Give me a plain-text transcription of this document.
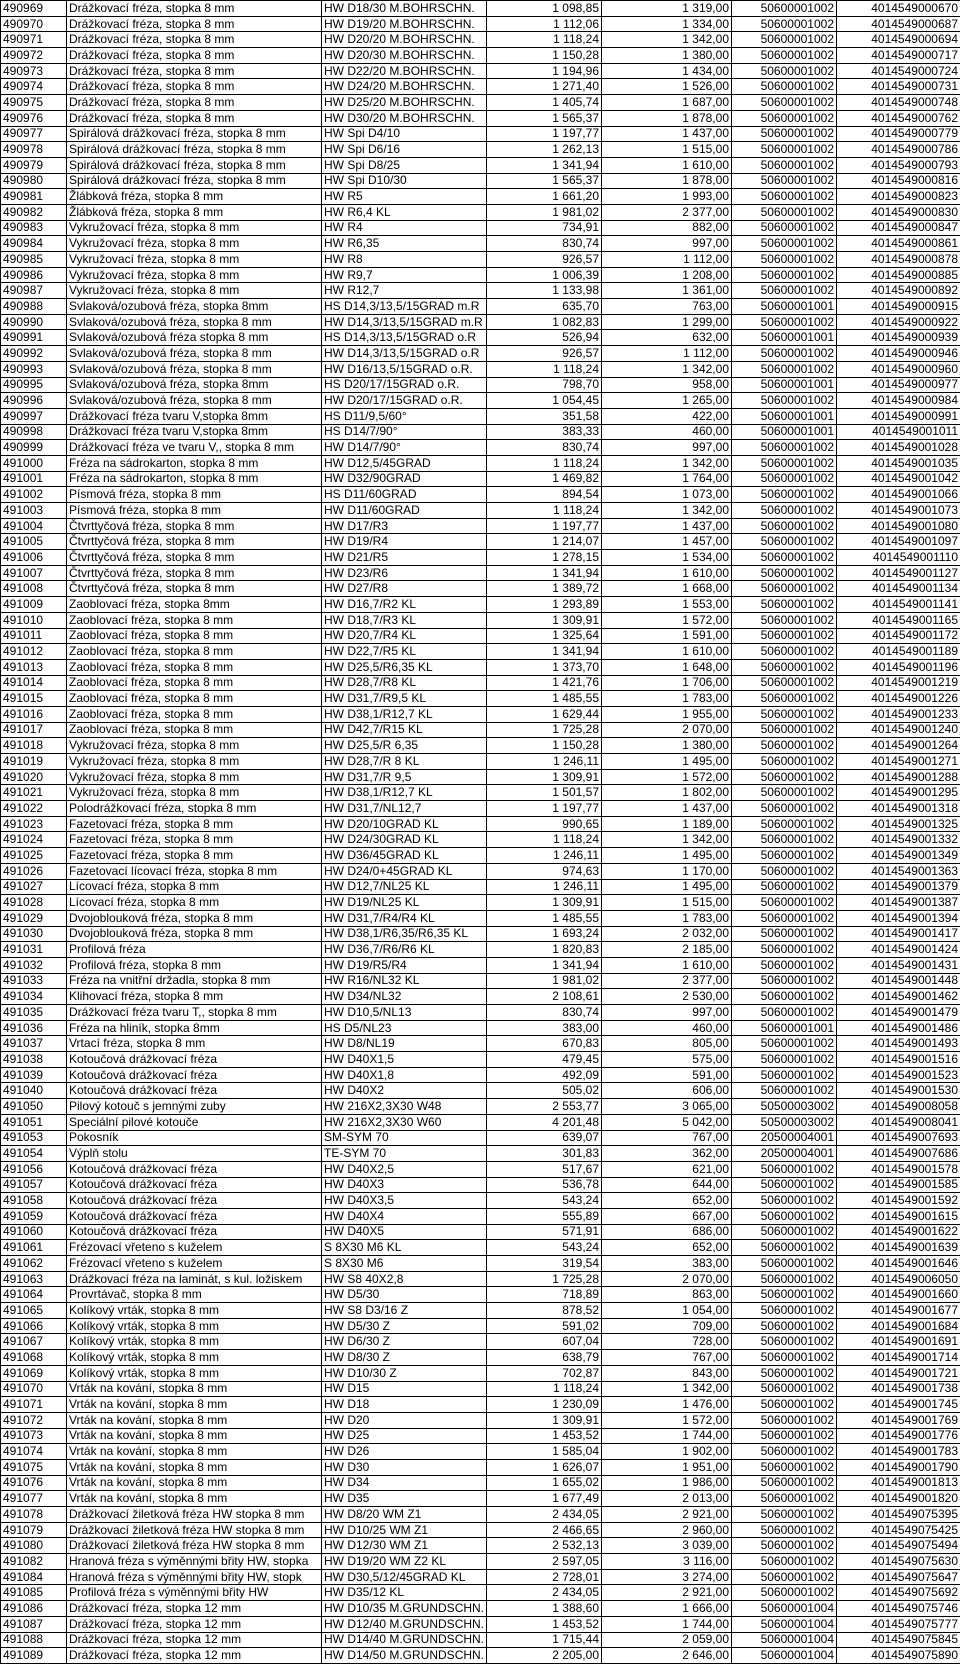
490969	Drážkovací fréza, stopka 8 mm	HW D18/30 M.BOHRSCHN.	1 098,85	1 319,00	50600001002	4014549000670
490970	Drážkovací fréza, stopka 8 mm	HW D19/20 M.BOHRSCHN.	1 112,06	1 334,00	50600001002	4014549000687
490971	Drážkovací fréza, stopka 8 mm	HW D20/20 M.BOHRSCHN.	1 118,24	1 342,00	50600001002	4014549000694
490972	Drážkovací fréza, stopka 8 mm	HW D20/30 M.BOHRSCHN.	1 150,28	1 380,00	50600001002	4014549000717
490973	Drážkovací fréza, stopka 8 mm	HW D22/20 M.BOHRSCHN.	1 194,96	1 434,00	50600001002	4014549000724
490974	Drážkovací fréza, stopka 8 mm	HW D24/20 M.BOHRSCHN.	1 271,40	1 526,00	50600001002	4014549000731
490975	Drážkovací fréza, stopka 8 mm	HW D25/20 M.BOHRSCHN.	1 405,74	1 687,00	50600001002	4014549000748
490976	Drážkovací fréza, stopka 8 mm	HW D30/20 M.BOHRSCHN.	1 565,37	1 878,00	50600001002	4014549000762
490977	Spirálová drážkovací fréza, stopka 8 mm	HW Spi D4/10	1 197,77	1 437,00	50600001002	4014549000779
490978	Spirálová drážkovací fréza, stopka 8 mm	HW Spi D6/16	1 262,13	1 515,00	50600001002	4014549000786
490979	Spirálová drážkovací fréza, stopka 8 mm	HW Spi D8/25	1 341,94	1 610,00	50600001002	4014549000793
490980	Spirálová drážkovací fréza, stopka 8 mm	HW Spi D10/30	1 565,37	1 878,00	50600001002	4014549000816
490981	Žlábková fréza, stopka 8 mm	HW R5	1 661,20	1 993,00	50600001002	4014549000823
490982	Žlábková fréza, stopka 8 mm	HW R6,4 KL	1 981,02	2 377,00	50600001002	4014549000830
490983	Vykružovací fréza, stopka 8 mm	HW R4	734,91	882,00	50600001002	4014549000847
490984	Vykružovací fréza, stopka 8 mm	HW R6,35	830,74	997,00	50600001002	4014549000861
490985	Vykružovací fréza, stopka 8 mm	HW R8	926,57	1 112,00	50600001002	4014549000878
490986	Vykružovací fréza, stopka 8 mm	HW R9,7	1 006,39	1 208,00	50600001002	4014549000885
490987	Vykružovací fréza, stopka 8 mm	HW R12,7	1 133,98	1 361,00	50600001002	4014549000892
490988	Svlaková/ozubová fréza, stopka 8mm	HS D14,3/13,5/15GRAD m.R	635,70	763,00	50600001001	4014549000915
490990	Svlaková/ozubová fréza, stopka 8 mm	HW D14,3/13,5/15GRAD m.R	1 082,83	1 299,00	50600001002	4014549000922
490991	Svlaková/ozubová fréza stopka 8 mm	HS D14,3/13,5/15GRAD o.R	526,94	632,00	50600001001	4014549000939
490992	Svlaková/ozubová fréza, stopka 8 mm	HW D14,3/13,5/15GRAD o.R	926,57	1 112,00	50600001002	4014549000946
490993	Svlaková/ozubová fréza, stopka 8 mm	HW D16/13,5/15GRAD o.R.	1 118,24	1 342,00	50600001002	4014549000960
490995	Svlaková/ozubová fréza, stopka 8mm	HS D20/17/15GRAD o.R.	798,70	958,00	50600001001	4014549000977
490996	Svlaková/ozubová fréza, stopka 8 mm	HW D20/17/15GRAD o.R.	1 054,45	1 265,00	50600001002	4014549000984
490997	Drážkovací fréza tvaru V,stopka 8mm	HS D11/9,5/60°	351,58	422,00	50600001001	4014549000991
490998	Drážkovací fréza tvaru V,stopka 8mm	HS D14/7/90°	383,33	460,00	50600001001	4014549001011
490999	Drážkovací fréza ve tvaru V,, stopka 8 mm	HW D14/7/90°	830,74	997,00	50600001002	4014549001028
491000	Fréza na sádrokarton, stopka 8 mm	HW D12,5/45GRAD	1 118,24	1 342,00	50600001002	4014549001035
491001	Fréza na sádrokarton, stopka 8 mm	HW D32/90GRAD	1 469,82	1 764,00	50600001002	4014549001042
491002	Písmová fréza, stopka 8 mm	HS D11/60GRAD	894,54	1 073,00	50600001002	4014549001066
491003	Písmová fréza, stopka 8 mm	HW D11/60GRAD	1 118,24	1 342,00	50600001002	4014549001073
491004	Čtvrttyčová fréza, stopka 8 mm	HW D17/R3	1 197,77	1 437,00	50600001002	4014549001080
491005	Čtvrttyčová fréza, stopka 8 mm	HW D19/R4	1 214,07	1 457,00	50600001002	4014549001097
491006	Čtvrttyčová fréza, stopka 8 mm	HW D21/R5	1 278,15	1 534,00	50600001002	4014549001110
491007	Čtvrttyčová fréza, stopka 8 mm	HW D23/R6	1 341,94	1 610,00	50600001002	4014549001127
491008	Čtvrttyčová fréza, stopka 8 mm	HW D27/R8	1 389,72	1 668,00	50600001002	4014549001134
491009	Zaoblovací fréza, stopka 8mm	HW D16,7/R2 KL	1 293,89	1 553,00	50600001002	4014549001141
491010	Zaoblovací fréza, stopka 8 mm	HW D18,7/R3 KL	1 309,91	1 572,00	50600001002	4014549001165
491011	Zaoblovací fréza, stopka 8 mm	HW D20,7/R4 KL	1 325,64	1 591,00	50600001002	4014549001172
491012	Zaoblovací fréza, stopka 8 mm	HW D22,7/R5 KL	1 341,94	1 610,00	50600001002	4014549001189
491013	Zaoblovací fréza, stopka 8 mm	HW D25,5/R6,35 KL	1 373,70	1 648,00	50600001002	4014549001196
491014	Zaoblovací fréza, stopka 8 mm	HW D28,7/R8 KL	1 421,76	1 706,00	50600001002	4014549001219
491015	Zaoblovací fréza, stopka 8 mm	HW D31,7/R9,5 KL	1 485,55	1 783,00	50600001002	4014549001226
491016	Zaoblovací fréza, stopka 8 mm	HW D38,1/R12,7 KL	1 629,44	1 955,00	50600001002	4014549001233
491017	Zaoblovací fréza, stopka 8 mm	HW D42,7/R15 KL	1 725,28	2 070,00	50600001002	4014549001240
491018	Vykružovací fréza, stopka 8 mm	HW D25,5/R 6,35	1 150,28	1 380,00	50600001002	4014549001264
491019	Vykružovací fréza, stopka 8 mm	HW D28,7/R 8 KL	1 246,11	1 495,00	50600001002	4014549001271
491020	Vykružovací fréza, stopka 8 mm	HW D31,7/R 9,5	1 309,91	1 572,00	50600001002	4014549001288
491021	Vykružovací fréza, stopka 8 mm	HW D38,1/R12,7 KL	1 501,57	1 802,00	50600001002	4014549001295
491022	Polodrážkovací fréza, stopka 8 mm	HW D31,7/NL12,7	1 197,77	1 437,00	50600001002	4014549001318
491023	Fazetovací fréza, stopka 8 mm	HW D20/10GRAD KL	990,65	1 189,00	50600001002	4014549001325
491024	Fazetovací fréza, stopka 8 mm	HW D24/30GRAD KL	1 118,24	1 342,00	50600001002	4014549001332
491025	Fazetovací fréza, stopka 8 mm	HW D36/45GRAD KL	1 246,11	1 495,00	50600001002	4014549001349
491026	Fazetovací lícovací fréza, stopka 8 mm	HW D24/0+45GRAD KL	974,63	1 170,00	50600001002	4014549001363
491027	Lícovací fréza, stopka 8 mm	HW D12,7/NL25 KL	1 246,11	1 495,00	50600001002	4014549001379
491028	Lícovací fréza, stopka 8 mm	HW D19/NL25 KL	1 309,91	1 515,00	50600001002	4014549001387
491029	Dvojoblouková fréza, stopka 8 mm	HW D31,7/R4/R4 KL	1 485,55	1 783,00	50600001002	4014549001394
491030	Dvojoblouková fréza, stopka 8 mm	HW D38,1/R6,35/R6,35 KL	1 693,24	2 032,00	50600001002	4014549001417
491031	Profilová fréza	HW D36,7/R6/R6 KL	1 820,83	2 185,00	50600001002	4014549001424
491032	Profilová fréza, stopka 8 mm	HW D19/R5/R4	1 341,94	1 610,00	50600001002	4014549001431
491033	Fréza na vnitřní držadla, stopka 8 mm	HW R16/NL32 KL	1 981,02	2 377,00	50600001002	4014549001448
491034	Klihovací fréza, stopka 8 mm	HW D34/NL32	2 108,61	2 530,00	50600001002	4014549001462
491035	Drážkovací fréza tvaru T,, stopka 8 mm	HW D10,5/NL13	830,74	997,00	50600001002	4014549001479
491036	Fréza na hliník, stopka 8mm	HS D5/NL23	383,00	460,00	50600001001	4014549001486
491037	Vrtací fréza, stopka 8 mm	HW D8/NL19	670,83	805,00	50600001002	4014549001493
491038	Kotoučová drážkovací fréza	HW D40X1,5	479,45	575,00	50600001002	4014549001516
491039	Kotoučová drážkovací fréza	HW D40X1,8	492,09	591,00	50600001002	4014549001523
491040	Kotoučová drážkovací fréza	HW D40X2	505,02	606,00	50600001002	4014549001530
491050	Pilový kotouč s jemnými zuby	HW 216X2,3X30 W48	2 553,77	3 065,00	50500003002	4014549008058
491051	Speciální pilové kotouče	HW 216X2,3X30 W60	4 201,48	5 042,00	50500003002	4014549008041
491053	Pokosník	SM-SYM 70	639,07	767,00	20500004001	4014549007693
491054	Výplň stolu	TE-SYM 70	301,83	362,00	20500004001	4014549007686
491056	Kotoučová drážkovací fréza	HW D40X2,5	517,67	621,00	50600001002	4014549001578
491057	Kotoučová drážkovací fréza	HW D40X3	536,78	644,00	50600001002	4014549001585
491058	Kotoučová drážkovací fréza	HW D40X3,5	543,24	652,00	50600001002	4014549001592
491059	Kotoučová drážkovací fréza	HW D40X4	555,89	667,00	50600001002	4014549001615
491060	Kotoučová drážkovací fréza	HW D40X5	571,91	686,00	50600001002	4014549001622
491061	Frézovací vřeteno s kuželem	S 8X30 M6 KL	543,24	652,00	50600001002	4014549001639
491062	Frézovací vřeteno s kuželem	S 8X30 M6	319,54	383,00	50600001002	4014549001646
491063	Drážkovací fréza na laminát, s kul. ložiskem	HW S8 40X2,8	1 725,28	2 070,00	50600001002	4014549006050
491064	Provrtávač, stopka 8 mm	HW D5/30	718,89	863,00	50600001002	4014549001660
491065	Kolíkový vrták, stopka 8 mm	HW S8 D3/16 Z	878,52	1 054,00	50600001002	4014549001677
491066	Kolíkový vrták, stopka 8 mm	HW D5/30 Z	591,02	709,00	50600001002	4014549001684
491067	Kolíkový vrták, stopka 8 mm	HW D6/30 Z	607,04	728,00	50600001002	4014549001691
491068	Kolíkový vrták, stopka 8 mm	HW D8/30 Z	638,79	767,00	50600001002	4014549001714
491069	Kolíkový vrták, stopka 8 mm	HW D10/30 Z	702,87	843,00	50600001002	4014549001721
491070	Vrták na kování, stopka 8 mm	HW D15	1 118,24	1 342,00	50600001002	4014549001738
491071	Vrták na kování, stopka 8 mm	HW D18	1 230,09	1 476,00	50600001002	4014549001745
491072	Vrták na kování, stopka 8 mm	HW D20	1 309,91	1 572,00	50600001002	4014549001769
491073	Vrták na kování, stopka 8 mm	HW D25	1 453,52	1 744,00	50600001002	4014549001776
491074	Vrták na kování, stopka 8 mm	HW D26	1 585,04	1 902,00	50600001002	4014549001783
491075	Vrták na kování, stopka 8 mm	HW D30	1 626,07	1 951,00	50600001002	4014549001790
491076	Vrták na kování, stopka 8 mm	HW D34	1 655,02	1 986,00	50600001002	4014549001813
491077	Vrták na kování, stopka 8 mm	HW D35	1 677,49	2 013,00	50600001002	4014549001820
491078	Drážkovací žiletková fréza HW stopka 8 mm	HW D8/20 WM Z1	2 434,05	2 921,00	50600001002	4014549075395
491079	Drážkovací žiletková fréza HW stopka 8 mm	HW D10/25 WM Z1	2 466,65	2 960,00	50600001002	4014549075425
491080	Drážkovací žiletková fréza HW stopka 8 mm	HW D12/30 WM Z1	2 532,13	3 039,00	50600001002	4014549075494
491082	Hranová fréza s výměnnými břity HW, stopka	HW D19/20 WM Z2 KL	2 597,05	3 116,00	50600001002	4014549075630
491084	Hranová fréza s výměnnými břity HW, stopk	HW D30,5/12/45GRAD KL	2 728,01	3 274,00	50600001002	4014549075647
491085	Profilová fréza s výměnnými břity HW	HW D35/12 KL	2 434,05	2 921,00	50600001002	4014549075692
491086	Drážkovací fréza, stopka 12 mm	HW D10/35 M.GRUNDSCHN.	1 388,60	1 666,00	50600001004	4014549075746
491087	Drážkovací fréza, stopka 12 mm	HW D12/40 M.GRUNDSCHN.	1 453,52	1 744,00	50600001004	4014549075777
491088	Drážkovací fréza, stopka 12 mm	HW D14/40 M.GRUNDSCHN.	1 715,44	2 059,00	50600001004	4014549075845
491089	Drážkovací fréza, stopka 12 mm	HW D14/50 M.GRUNDSCHN.	2 205,00	2 646,00	50600001004	4014549075890
